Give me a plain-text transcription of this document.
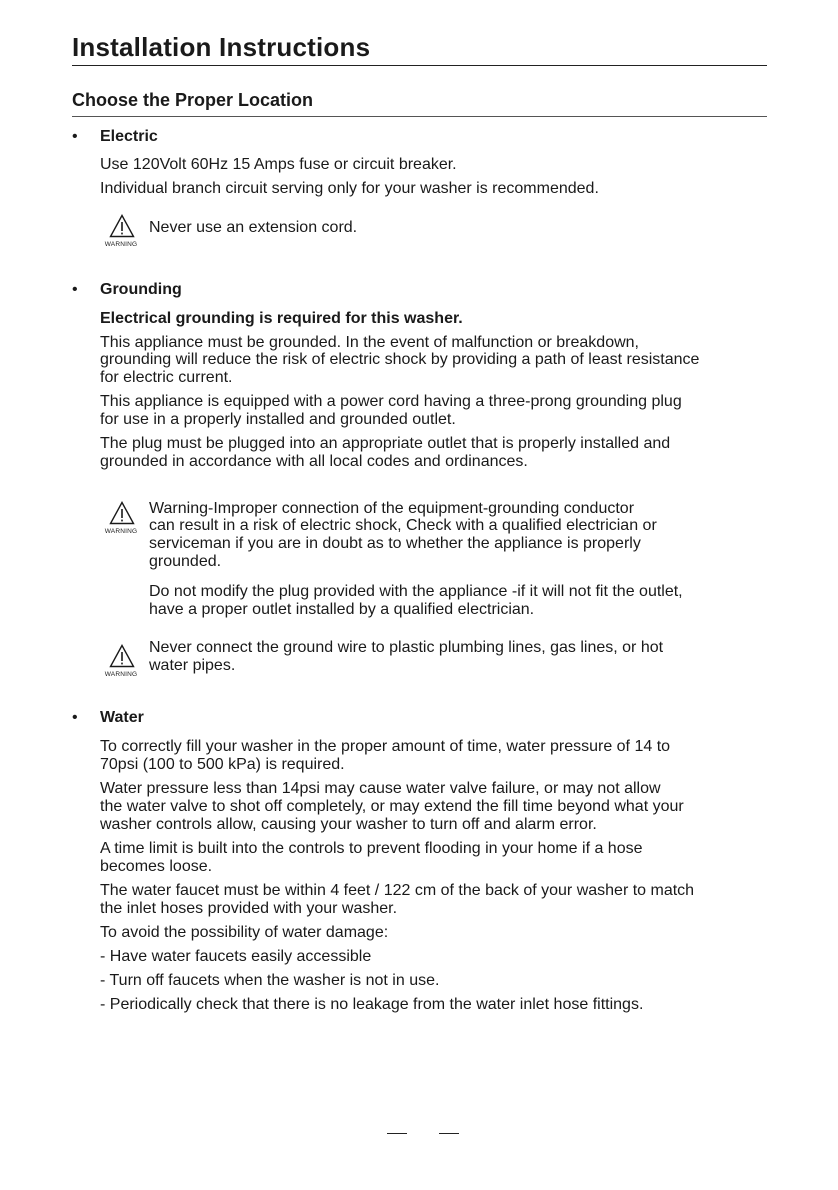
Installation Instructions
Choose the Proper Location
• Electric
Use 120Volt 60Hz 15 Amps fuse or circuit breaker.
Individual branch circuit serving only for your washer is recommended.
WARNING
Never use an extension cord.
• Grounding
Electrical grounding is required for this washer.
This appliance must be grounded. In the event of malfunction or breakdown,
grounding will reduce the risk of electric shock by providing a path of least resistance
for electric current.
This appliance is equipped with a power cord having a three-prong grounding plug
for use in a properly installed and grounded outlet.
The plug must be plugged into an appropriate outlet that is properly installed and
grounded in accordance with all local codes and ordinances.
WARNING
Warning-Improper connection of the equipment-grounding conductor
can result in a risk of electric shock, Check with a qualified electrician or
serviceman if you are in doubt as to whether the appliance is properly
grounded.
Do not modify the plug provided with the appliance -if it will not fit the outlet,
have a proper outlet installed by a qualified electrician.
WARNING
Never connect the ground wire to plastic plumbing lines, gas lines, or hot
water pipes.
• Water
To correctly fill your washer in the proper amount of time, water pressure of 14 to
70psi (100 to 500 kPa) is required.
Water pressure less than 14psi may cause water valve failure, or may not allow
the water valve to shot off completely, or may extend the fill time beyond what your
washer controls allow, causing your washer to turn off and alarm error.
A time limit is built into the controls to prevent flooding in your home if a hose
becomes loose.
The water faucet must be within 4 feet / 122 cm of the back of your washer to match
the inlet hoses provided with your washer.
To avoid the possibility of water damage:
- Have water faucets easily accessible
- Turn off faucets when the washer is not in use.
- Periodically check that there is no leakage from the water inlet hose fittings.
